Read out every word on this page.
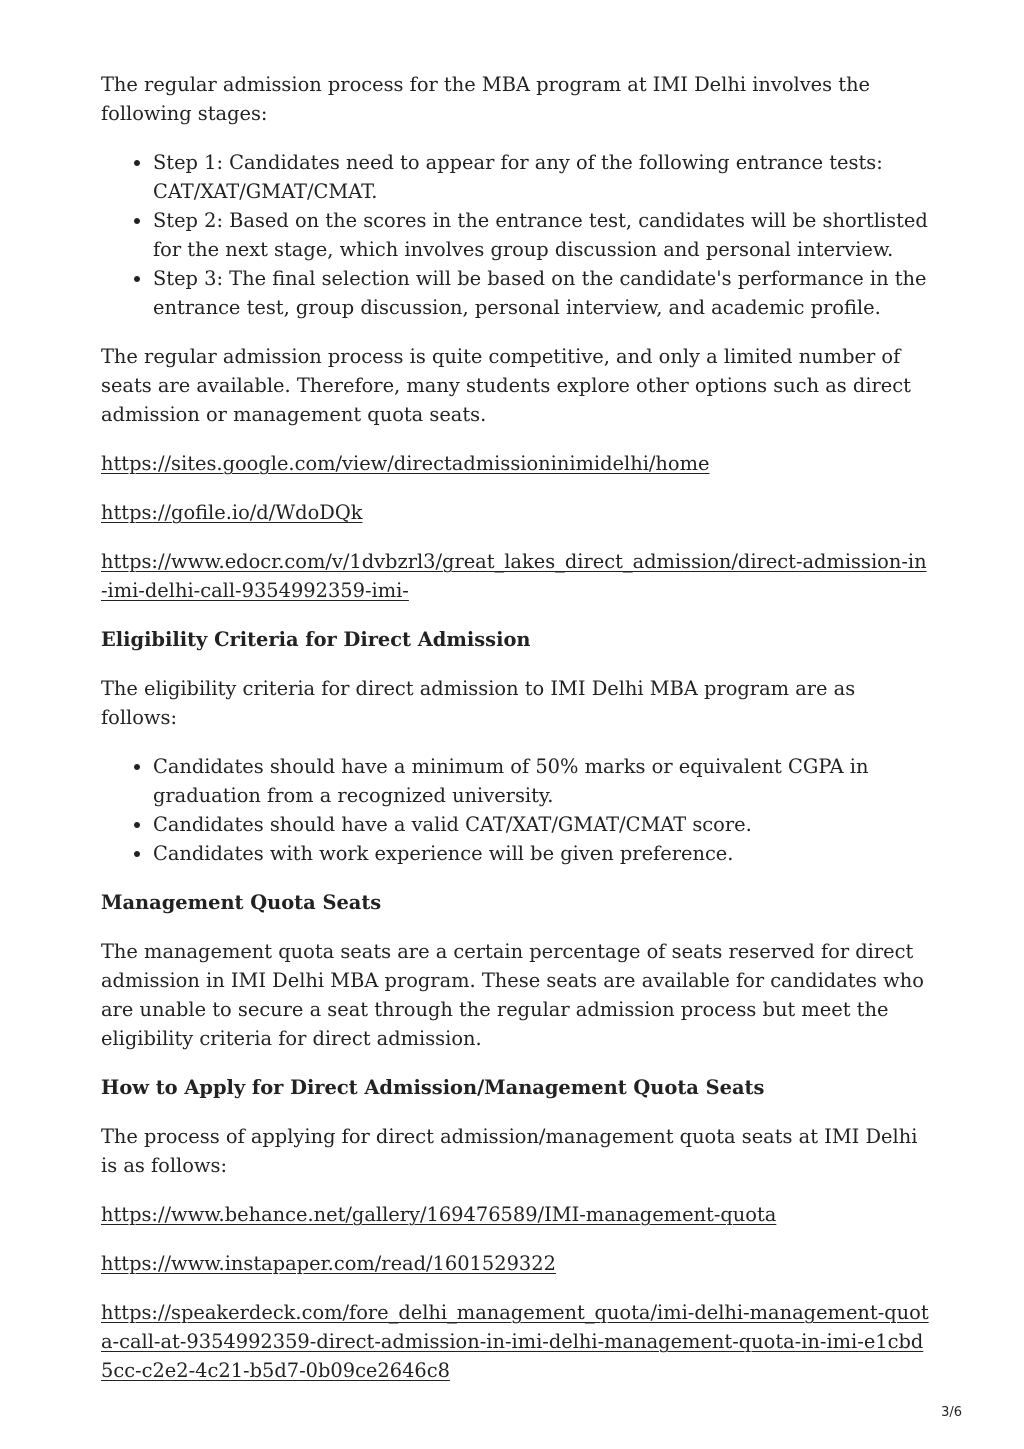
The regular admission process for the MBA program at IMI Delhi involves the following stages:

• Step 1: Candidates need to appear for any of the following entrance tests: CAT/XAT/GMAT/CMAT.
• Step 2: Based on the scores in the entrance test, candidates will be shortlisted for the next stage, which involves group discussion and personal interview.
• Step 3: The final selection will be based on the candidate's performance in the entrance test, group discussion, personal interview, and academic profile.

The regular admission process is quite competitive, and only a limited number of seats are available. Therefore, many students explore other options such as direct admission or management quota seats.

https://sites.google.com/view/directadmissioninimidelhi/home

https://gofile.io/d/WdoDQk

https://www.edocr.com/v/1dvbzrl3/great_lakes_direct_admission/direct-admission-in-imi-delhi-call-9354992359-imi-

Eligibility Criteria for Direct Admission

The eligibility criteria for direct admission to IMI Delhi MBA program are as follows:

• Candidates should have a minimum of 50% marks or equivalent CGPA in graduation from a recognized university.
• Candidates should have a valid CAT/XAT/GMAT/CMAT score.
• Candidates with work experience will be given preference.
Management Quota Seats

The management quota seats are a certain percentage of seats reserved for direct admission in IMI Delhi MBA program. These seats are available for candidates who are unable to secure a seat through the regular admission process but meet the eligibility criteria for direct admission.

How to Apply for Direct Admission/Management Quota Seats

The process of applying for direct admission/management quota seats at IMI Delhi is as follows:

https://www.behance.net/gallery/169476589/IMI-management-quota

https://www.instapaper.com/read/1601529322

https://speakerdeck.com/fore_delhi_management_quota/imi-delhi-management-quota-call-at-9354992359-direct-admission-in-imi-delhi-management-quota-in-imi-e1cbd5cc-c2e2-4c21-b5d7-0b09ce2646c8

3/6
